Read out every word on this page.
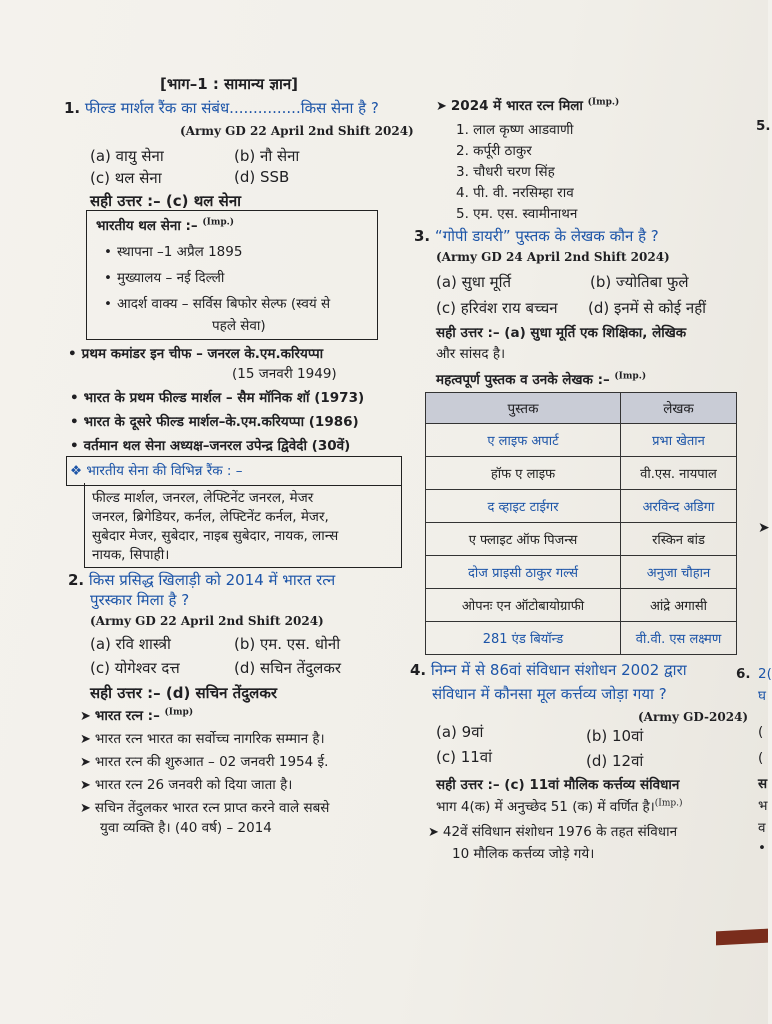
[भाग–1 : सामान्य ज्ञान]
1. फील्ड मार्शल रैंक का संबंध...............किस सेना है ?
(Army GD 22 April 2nd Shift 2024)
(a) वायु सेना	(b) नौ सेना
(c) थल सेना	(d) SSB
सही उत्तर :– (c) थल सेना
भारतीय थल सेना :– $^{(Imp.)}$
• स्थापना –1 अप्रैल 1895
• मुख्यालय – नई दिल्ली
• आदर्श वाक्य – सर्विस बिफोर सेल्फ (स्वयं से
पहले सेवा)
• प्रथम कमांडर इन चीफ – जनरल के.एम.करियप्पा
(15 जनवरी 1949)
• भारत के प्रथम फील्ड मार्शल – सैम मॉनिक शॉ (1973)
• भारत के दूसरे फील्ड मार्शल–के.एम.करियप्पा (1986)
• वर्तमान थल सेना अध्यक्ष–जनरल उपेन्द्र द्विवेदी (30वें)
❖ भारतीय सेना की विभिन्न रैंक : –
फील्ड मार्शल, जनरल, लेफ्टिनेंट जनरल, मेजर
जनरल, ब्रिगेडियर, कर्नल, लेफ्टिनेंट कर्नल, मेजर,
सुबेदार मेजर, सुबेदार, नाइब सुबेदार, नायक, लान्स
नायक, सिपाही।
2. किस प्रसिद्ध खिलाड़ी को 2014 में भारत रत्न
पुरस्कार मिला है ?
(Army GD 22 April 2nd Shift 2024)
(a) रवि शास्त्री	(b) एम. एस. धोनी
(c) योगेश्वर दत्त	(d) सचिन तेंदुलकर
सही उत्तर :– (d) सचिन तेंदुलकर
➤ भारत रत्न :– $^{(Imp)}$
➤ भारत रत्न भारत का सर्वोच्च नागरिक सम्मान है।
➤ भारत रत्न की शुरुआत – 02 जनवरी 1954 ई.
➤ भारत रत्न 26 जनवरी को दिया जाता है।
➤ सचिन तेंदुलकर भारत रत्न प्राप्त करने वाले सबसे
युवा व्यक्ति है। (40 वर्ष) – 2014
➤ 2024 में भारत रत्न मिला $^{(Imp.)}$
1. लाल कृष्ण आडवाणी
2. कर्पूरी ठाकुर
3. चौधरी चरण सिंह
4. पी. वी. नरसिम्हा राव
5. एम. एस. स्वामीनाथन
3. “गोपी डायरी” पुस्तक के लेखक कौन है ?
(Army GD 24 April 2nd Shift 2024)
(a) सुधा मूर्ति	(b) ज्योतिबा फुले
(c) हरिवंश राय बच्चन (d) इनमें से कोई नहीं
सही उत्तर :– (a) सुधा मूर्ति एक शिक्षिका, लेखिक
और सांसद है।
महत्वपूर्ण पुस्तक व उनके लेखक :– $^{(Imp.)}$
पुस्तक	लेखक
ए लाइफ अपार्ट	प्रभा खेतान
हॉफ ए लाइफ	वी.एस. नायपाल
द व्हाइट टाईगर	अरविन्द अडिगा
ए फ्लाइट ऑफ पिजन्स	रस्किन बांड
दोज प्राइसी ठाकुर गर्ल्स	अनुजा चौहान
ओपनः एन ऑटोबायोग्राफी	आंद्रे अगासी
281 एंड बियॉन्ड	वी.वी. एस लक्ष्मण
4. निम्न में से 86वां संविधान संशोधन 2002 द्वारा
संविधान में कौनसा मूल कर्त्तव्य जोड़ा गया ?
(Army GD-2024)
(a) 9वां	(b) 10वां
(c) 11वां	(d) 12वां
सही उत्तर :– (c) 11वां मौलिक कर्त्तव्य संविधान
भाग 4(क) में अनुच्छेद 51 (क) में वर्णित है।$^{(Imp.)}$
➤ 42वें संविधान संशोधन 1976 के तहत संविधान
10 मौलिक कर्त्तव्य जोड़े गये।
5.
6. 2(
घ
(
(
स
भ
व
•
➤
